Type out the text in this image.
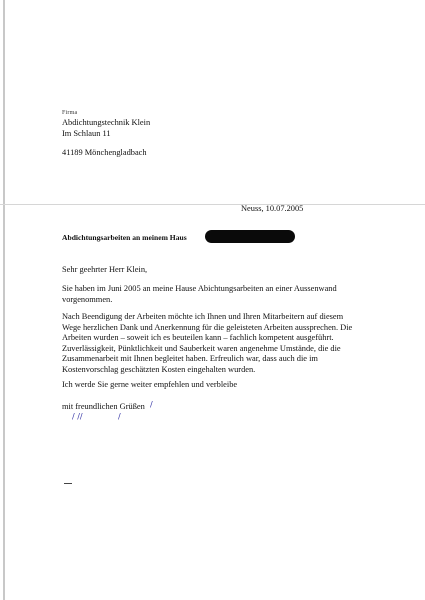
Firma
Abdichtungstechnik Klein
Im Schlaun 11
41189 Mönchengladbach
Neuss, 10.07.2005
Abdichtungsarbeiten an meinem Haus
Sehr geehrter Herr Klein,
Sie haben im Juni 2005 an meine Hause Abichtungsarbeiten an einer Aussenwand
vorgenommen.
Nach Beendigung der Arbeiten möchte ich Ihnen und Ihren Mitarbeitern auf diesem
Wege herzlichen Dank und Anerkennung für die geleisteten Arbeiten aussprechen. Die
Arbeiten wurden – soweit ich es beuteilen kann – fachlich kompetent ausgeführt.
Zuverlässigkeit, Pünktlichkeit und Sauberkeit waren angenehme Umstände, die die
Zusammenarbeit mit Ihnen begleitet haben. Erfreulich war, dass auch die im
Kostenvorschlag geschätzten Kosten eingehalten wurden.
Ich werde Sie gerne weiter empfehlen und verbleibe
mit freundlichen Grüßen
/ //	/
/
